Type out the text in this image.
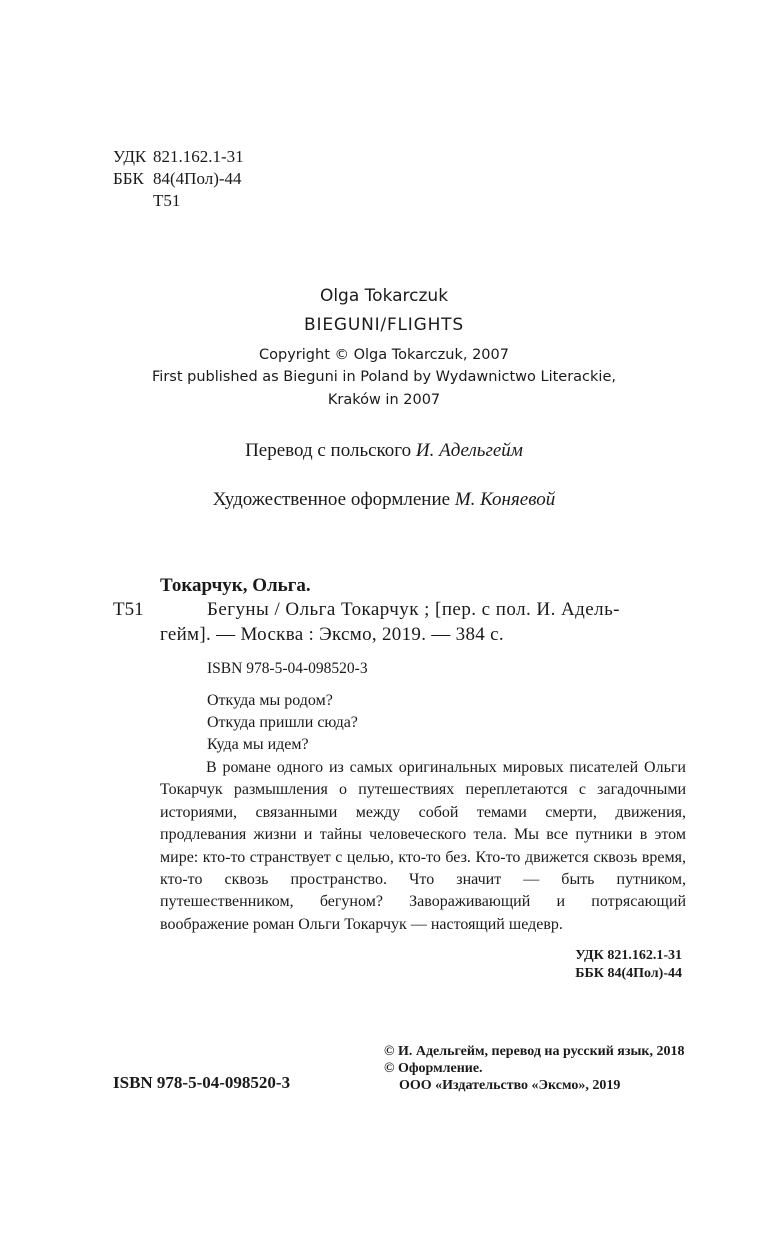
УДК 821.162.1-31
ББК 84(4Пол)-44
Т51
Olga Tokarczuk
BIEGUNI/FLIGHTS
Copyright © Olga Tokarczuk, 2007
First published as Bieguni in Poland by Wydawnictwo Literackie,
Kraków in 2007
Перевод с польского И. Адельгейм
Художественное оформление М. Коняевой
Токарчук, Ольга.
Т51	Бегуны / Ольга Токарчук ; [пер. с пол. И. Адель-
гейм]. — Москва : Эксмо, 2019. — 384 с.
ISBN 978-5-04-098520-3
Откуда мы родом?
Откуда пришли сюда?
Куда мы идем?
В романе одного из самых оригинальных мировых писателей Ольги Токарчук размышления о путешествиях переплетаются с загадочными историями, связанными между собой темами смерти, движения, продлевания жизни и тайны человеческого тела. Мы все путники в этом мире: кто-то странствует с целью, кто-то без. Кто-то движется сквозь время, кто-то сквозь пространство. Что значит — быть путником, путешественником, бегуном? Завораживающий и потрясающий воображение роман Ольги Токарчук — настоящий шедевр.
УДК 821.162.1-31
ББК 84(4Пол)-44
ISBN 978-5-04-098520-3
© И. Адельгейм, перевод на русский язык, 2018
© Оформление.
ООО «Издательство «Эксмо», 2019
